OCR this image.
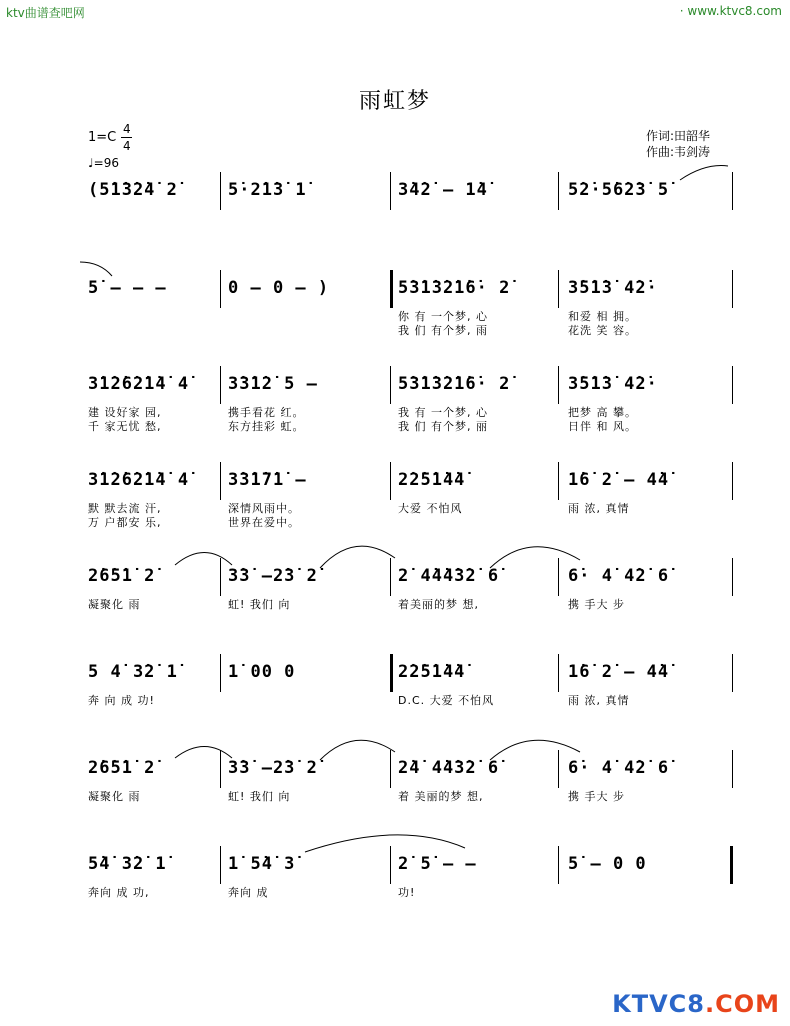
ktv曲谱查吧网	· www.ktvc8.com
雨虹梦
1=C
4
4
♩=96
作词:田韶华
作曲:韦剑涛
(5̇1̇3̇2̇4̇ 2̇	5̇·2̇1̇3̇ 1̇	3̇4̇2̇ – 1̇4̇	5̇2̇·5̇6̇2̇3̇ 5̇
5̇ – – –	0 – 0 – )	5̇3̇1̇3̇2̇1̇6̇· 2̇
你 有 一个梦, 心
我 们 有个梦, 雨
3̇5̇1̇3̇ 4̇2̇·
和爱 相 拥。
花洗 笑 容。
3̇1̇2̇6̇2̇1̇4̇ 4̇
建 设好家 园,
千 家无忧 愁,
3̇3̇1̇2̇ 5 –
携手看花 红。
东方挂彩 虹。
5̇3̇1̇3̇2̇1̇6̇· 2̇
我 有 一个梦, 心
我 们 有个梦, 丽
3̇5̇1̇3̇ 4̇2̇·
把梦 高 攀。
日伴 和 风。
3̇1̇2̇6̇2̇1̇4̇ 4̇
默 默去流 汗,
万 户都安 乐,
3̇3̇1̇7̇1̇ –
深情风雨中。
世界在爱中。
2̇2̇5̇1̇4̇4̇
大爱 不怕风
1̇6̇ 2̇ – 4̇4̇
雨 浓, 真情
2̇6̇5̇1̇ 2̇
凝聚化 雨
3̇3̇ –2̇3̇ 2̇
虹! 我们 向
2̇ 4̇4̇4̇3̇2̇ 6̇
着美丽的梦 想,
6̇· 4̇ 4̇2̇ 6̇
携 手大 步
5 4̇ 3̇2̇ 1̇
奔 向 成 功!
1̇ 00 0	2̇2̇5̇1̇4̇4̇
D.C. 大爱 不怕风
1̇6̇ 2̇ – 4̇4̇
雨 浓, 真情
2̇6̇5̇1̇ 2̇
凝聚化 雨
3̇3̇ –2̇3̇ 2̇
虹! 我们 向
2̇4̇ 4̇4̇3̇2̇ 6̇
着 美丽的梦 想,
6̇· 4̇ 4̇2̇ 6̇
携 手大 步
5̇4̇ 3̇2̇ 1̇
奔向 成 功,
1̇ 5̇4̇ 3̇
奔向 成
2̇ 5̇ – –
功!
5̇ – 0 0
KTVC8.COM
